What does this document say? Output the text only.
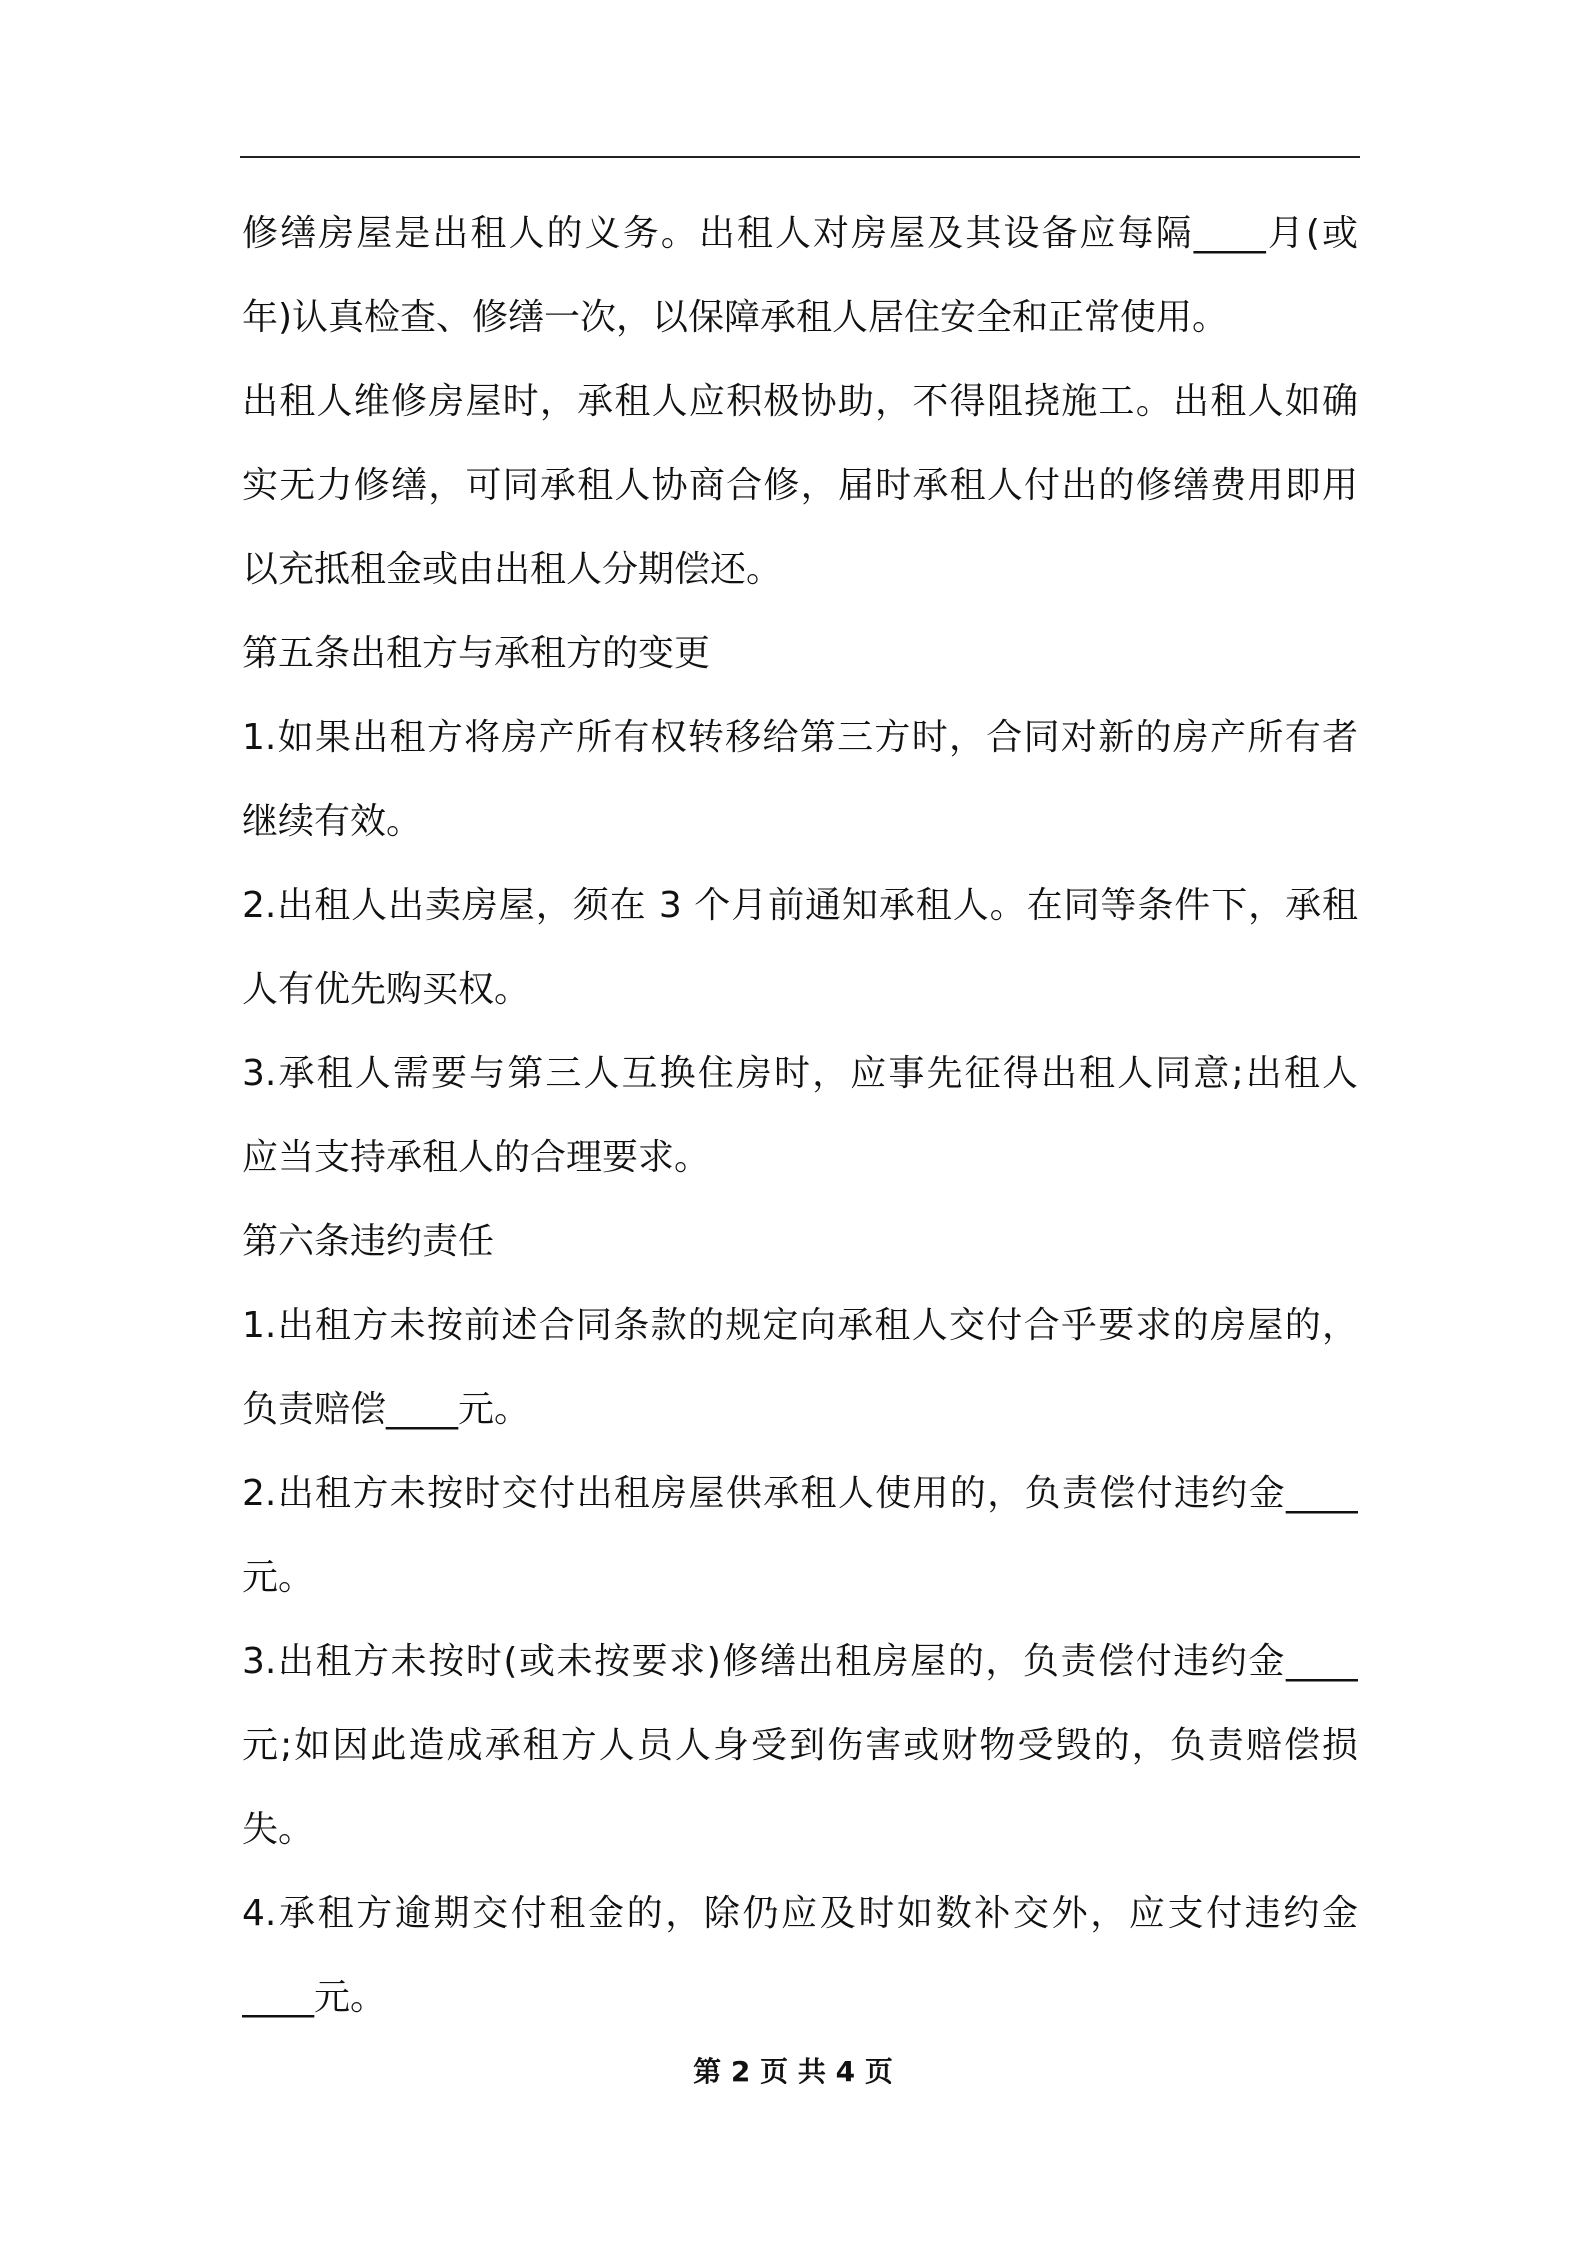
修缮房屋是出租人的义务。出租人对房屋及其设备应每隔____月(或
年)认真检查、修缮一次，以保障承租人居住安全和正常使用。
出租人维修房屋时，承租人应积极协助，不得阻挠施工。出租人如确
实无力修缮，可同承租人协商合修，届时承租人付出的修缮费用即用
以充抵租金或由出租人分期偿还。
第五条出租方与承租方的变更
1.如果出租方将房产所有权转移给第三方时，合同对新的房产所有者
继续有效。
2.出租人出卖房屋，须在 3 个月前通知承租人。在同等条件下，承租
人有优先购买权。
3.承租人需要与第三人互换住房时，应事先征得出租人同意;出租人
应当支持承租人的合理要求。
第六条违约责任
1.出租方未按前述合同条款的规定向承租人交付合乎要求的房屋的，
负责赔偿____元。
2.出租方未按时交付出租房屋供承租人使用的，负责偿付违约金____
元。
3.出租方未按时(或未按要求)修缮出租房屋的，负责偿付违约金____
元;如因此造成承租方人员人身受到伤害或财物受毁的，负责赔偿损
失。
4.承租方逾期交付租金的，除仍应及时如数补交外，应支付违约金
____元。
第 2 页 共 4 页
